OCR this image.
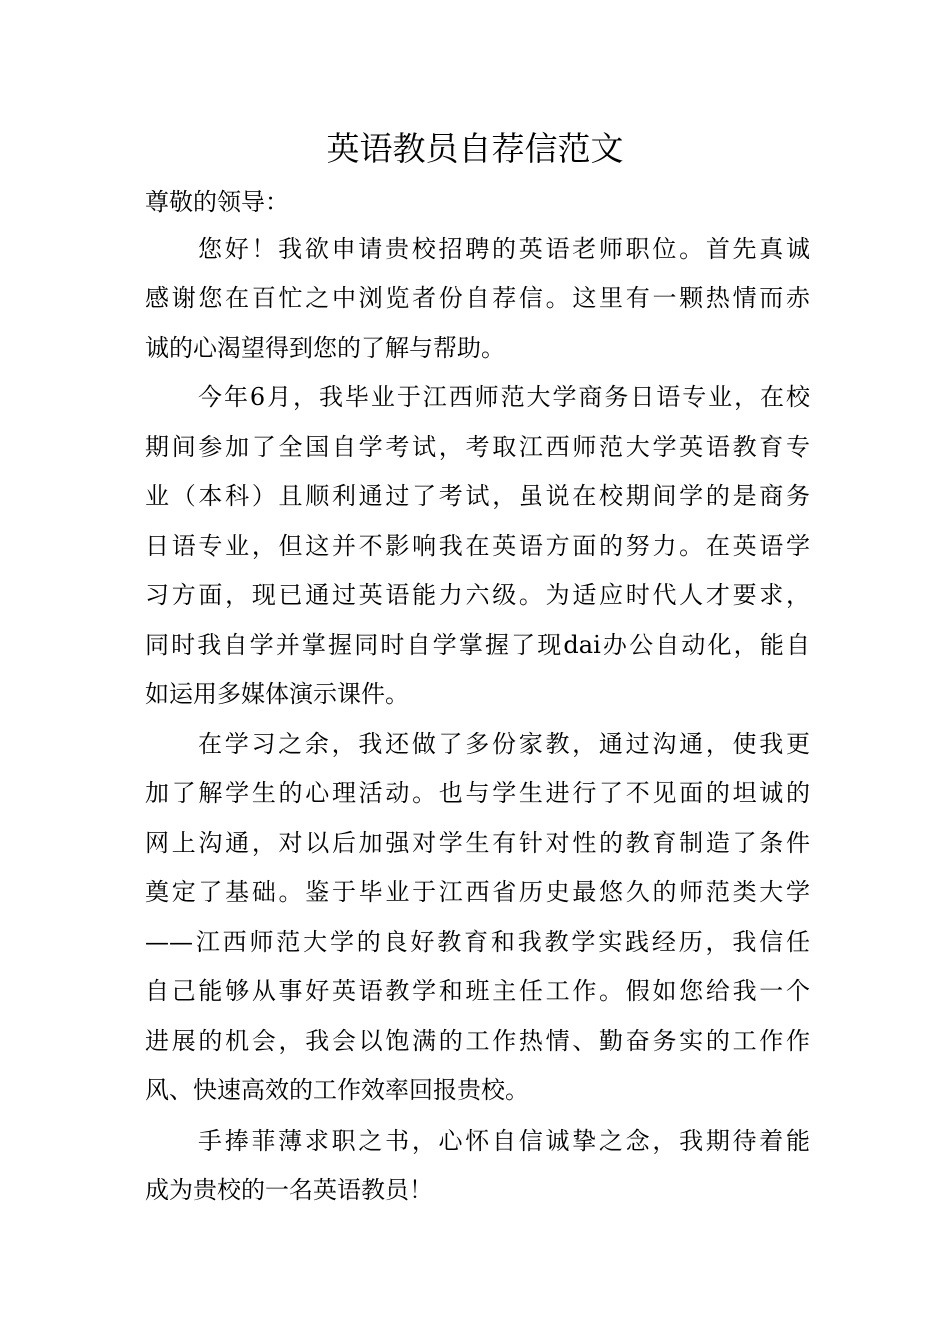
英语教员自荐信范文
尊敬的领导：
您好！我欲申请贵校招聘的英语老师职位。首先真诚
感谢您在百忙之中浏览者份自荐信。这里有一颗热情而赤
诚的心渴望得到您的了解与帮助。
今年6月，我毕业于江西师范大学商务日语专业，在校
期间参加了全国自学考试，考取江西师范大学英语教育专
业（本科）且顺利通过了考试，虽说在校期间学的是商务
日语专业，但这并不影响我在英语方面的努力。在英语学
习方面，现已通过英语能力六级。为适应时代人才要求，
同时我自学并掌握同时自学掌握了现dai办公自动化，能自
如运用多媒体演示课件。
在学习之余，我还做了多份家教，通过沟通，使我更
加了解学生的心理活动。也与学生进行了不见面的坦诚的
网上沟通，对以后加强对学生有针对性的教育制造了条件
奠定了基础。鉴于毕业于江西省历史最悠久的师范类大学
——江西师范大学的良好教育和我教学实践经历，我信任
自己能够从事好英语教学和班主任工作。假如您给我一个
进展的机会，我会以饱满的工作热情、勤奋务实的工作作
风、快速高效的工作效率回报贵校。
手捧菲薄求职之书，心怀自信诚挚之念，我期待着能
成为贵校的一名英语教员！
